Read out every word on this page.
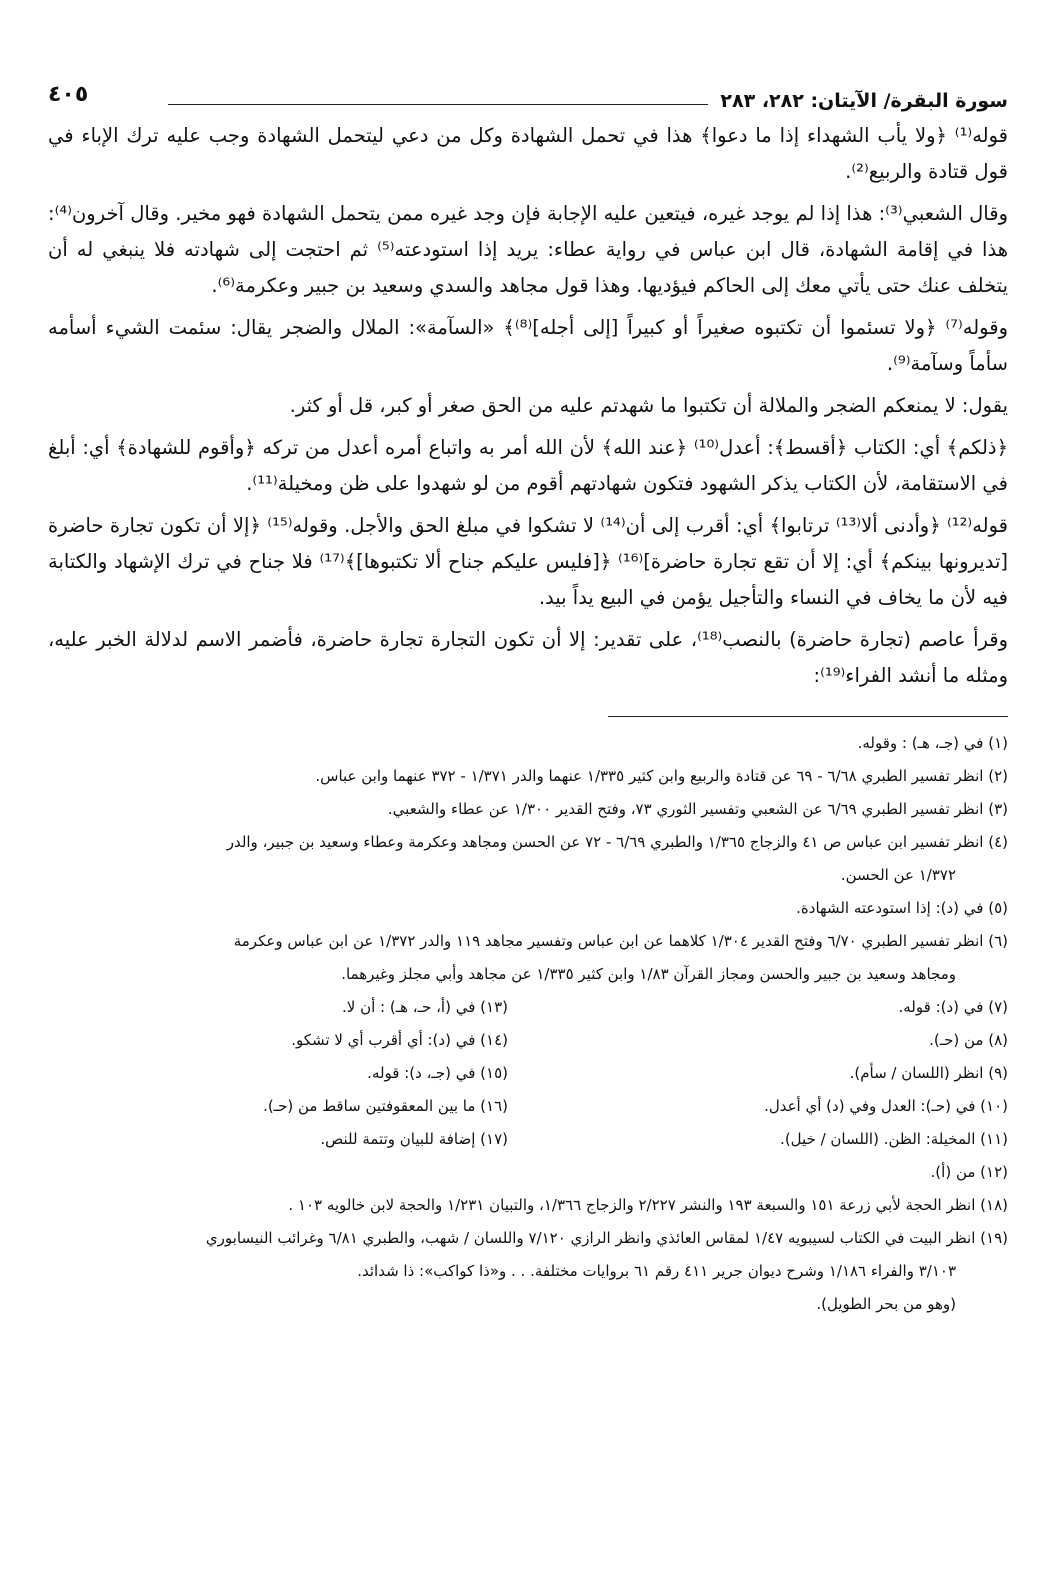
سورة البقرة/ الآيتان: ٢٨٢، ٢٨٣
٤٠٥

قوله⁽¹⁾ ﴿ولا يأب الشهداء إذا ما دعوا﴾ هذا في تحمل الشهادة وكل من دعي ليتحمل الشهادة وجب عليه ترك الإباء في قول قتادة والربيع⁽²⁾.

وقال الشعبي⁽³⁾: هذا إذا لم يوجد غيره، فيتعين عليه الإجابة فإن وجد غيره ممن يتحمل الشهادة فهو مخير. وقال آخرون⁽⁴⁾: هذا في إقامة الشهادة، قال ابن عباس في رواية عطاء: يريد إذا استودعته⁽⁵⁾ ثم احتجت إلى شهادته فلا ينبغي له أن يتخلف عنك حتى يأتي معك إلى الحاكم فيؤديها. وهذا قول مجاهد والسدي وسعيد بن جبير وعكرمة⁽⁶⁾.

وقوله⁽⁷⁾ ﴿ولا تسئموا أن تكتبوه صغيراً أو كبيراً [إلى أجله]⁽⁸⁾﴾ «السآمة»: الملال والضجر يقال: سئمت الشيء أسأمه سأماً وسآمة⁽⁹⁾.

يقول: لا يمنعكم الضجر والملالة أن تكتبوا ما شهدتم عليه من الحق صغر أو كبر، قل أو كثر.

﴿ذلكم﴾ أي: الكتاب ﴿أقسط﴾: أعدل⁽¹⁰⁾ ﴿عند الله﴾ لأن الله أمر به واتباع أمره أعدل من تركه ﴿وأقوم للشهادة﴾ أي: أبلغ في الاستقامة، لأن الكتاب يذكر الشهود فتكون شهادتهم أقوم من لو شهدوا على ظن ومخيلة⁽¹¹⁾.

قوله⁽¹²⁾ ﴿وأدنى ألا⁽¹³⁾ ترتابوا﴾ أي: أقرب إلى أن⁽¹⁴⁾ لا تشكوا في مبلغ الحق والأجل. وقوله⁽¹⁵⁾ ﴿إلا أن تكون تجارة حاضرة [تديرونها بينكم﴾ أي: إلا أن تقع تجارة حاضرة]⁽¹⁶⁾ ﴿[فليس عليكم جناح ألا تكتبوها]﴾⁽¹⁷⁾ فلا جناح في ترك الإشهاد والكتابة فيه لأن ما يخاف في النساء والتأجيل يؤمن في البيع يداً بيد.

وقرأ عاصم (تجارة حاضرة) بالنصب⁽¹⁸⁾، على تقدير: إلا أن تكون التجارة تجارة حاضرة، فأضمر الاسم لدلالة الخبر عليه، ومثله ما أنشد الفراء⁽¹⁹⁾:

(١) في (جـ، هـ) : وقوله.

(٢) انظر تفسير الطبري ٦/٦٨ - ٦٩ عن قتادة والربيع وابن كثير ١/٣٣٥ عنهما والدر ١/٣٧١ - ٣٧٢ عنهما وابن عباس.

(٣) انظر تفسير الطبري ٦/٦٩ عن الشعبي وتفسير الثوري ٧٣، وفتح القدير ١/٣٠٠ عن عطاء والشعبي.

(٤) انظر تفسير ابن عباس ص ٤١ والزجاج ١/٣٦٥ والطبري ٦/٦٩ - ٧٢ عن الحسن ومجاهد وعكرمة وعطاء وسعيد بن جبير، والدر

١/٣٧٢ عن الحسن.

(٥) في (د): إذا استودعته الشهادة.

(٦) انظر تفسير الطبري ٦/٧٠ وفتح القدير ١/٣٠٤ كلاهما عن ابن عباس وتفسير مجاهد ١١٩ والدر ١/٣٧٢ عن ابن عباس وعكرمة

ومجاهد وسعيد بن جبير والحسن ومجاز القرآن ١/٨٣ وابن كثير ١/٣٣٥ عن مجاهد وأبي مجلز وغيرهما.

(٧) في (د): قوله.

(٨) من (حـ).

(٩) انظر (اللسان / سأم).

(١٠) في (حـ): العدل وفي (د) أي أعدل.

(١١) المخيلة: الظن. (اللسان / خيل).

(١٢) من (أ).

(١٣) في (أ، حـ، هـ) : أن لا.

(١٤) في (د): أي أقرب أي لا تشكو.

(١٥) في (جـ، د): قوله.

(١٦) ما بين المعقوفتين ساقط من (حـ).

(١٧) إضافة للبيان وتتمة للنص.

(١٨) انظر الحجة لأبي زرعة ١٥١ والسبعة ١٩٣ والنشر ٢/٢٢٧ والزجاج ١/٣٦٦، والتبيان ١/٢٣١ والحجة لابن خالويه ١٠٣ .

(١٩) انظر البيت في الكتاب لسيبويه ١/٤٧ لمقاس العائذي وانظر الرازي ٧/١٢٠ واللسان / شهب، والطبري ٦/٨١ وغرائب النيسابوري

٣/١٠٣ والفراء ١/١٨٦ وشرح ديوان جرير ٤١١ رقم ٦١ بروايات مختلفة. . . و«ذا كواكب»: ذا شدائد.

(وهو من بحر الطويل).
